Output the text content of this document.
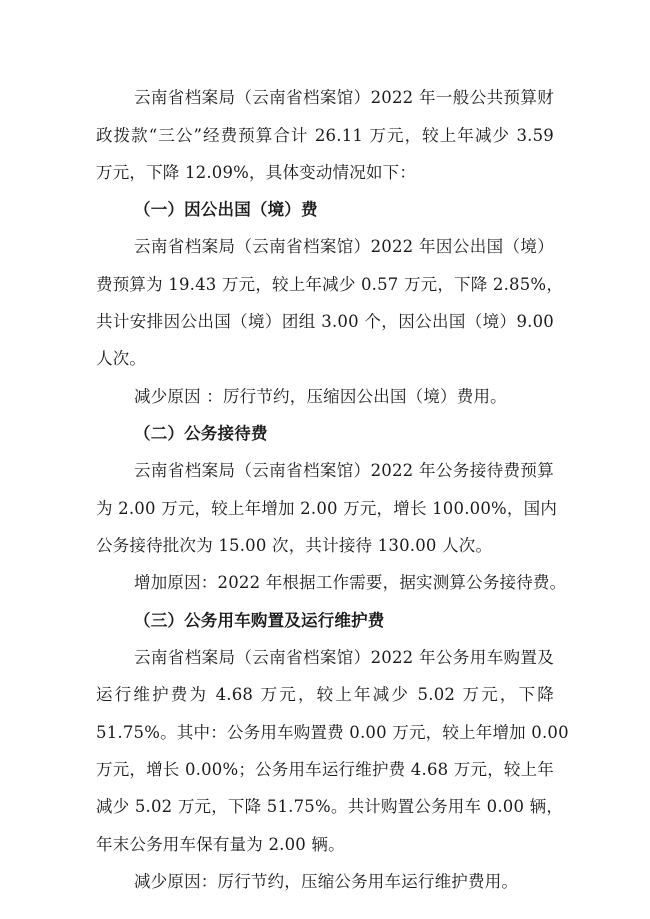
云南省档案局（云南省档案馆）2022 年一般公共预算财
政拨款“三公”经费预算合计 26.11 万元，较上年减少 3.59
万元，下降 12.09%，具体变动情况如下：
（一）因公出国（境）费
云南省档案局（云南省档案馆）2022 年因公出国（境）
费预算为 19.43 万元，较上年减少 0.57 万元，下降 2.85%，
共计安排因公出国（境）团组 3.00 个，因公出国（境）9.00
人次。
减少原因 ：厉行节约，压缩因公出国（境）费用。
（二）公务接待费
云南省档案局（云南省档案馆）2022 年公务接待费预算
为 2.00 万元，较上年增加 2.00 万元，增长 100.00%，国内
公务接待批次为 15.00 次，共计接待 130.00 人次。
增加原因：2022 年根据工作需要，据实测算公务接待费。
（三）公务用车购置及运行维护费
云南省档案局（云南省档案馆）2022 年公务用车购置及
运行维护费为 4.68 万元，较上年减少 5.02 万元，下降
51.75%。其中：公务用车购置费 0.00 万元，较上年增加 0.00
万元，增长 0.00%；公务用车运行维护费 4.68 万元，较上年
减少 5.02 万元，下降 51.75%。共计购置公务用车 0.00 辆，
年末公务用车保有量为 2.00 辆。
减少原因：厉行节约，压缩公务用车运行维护费用。
